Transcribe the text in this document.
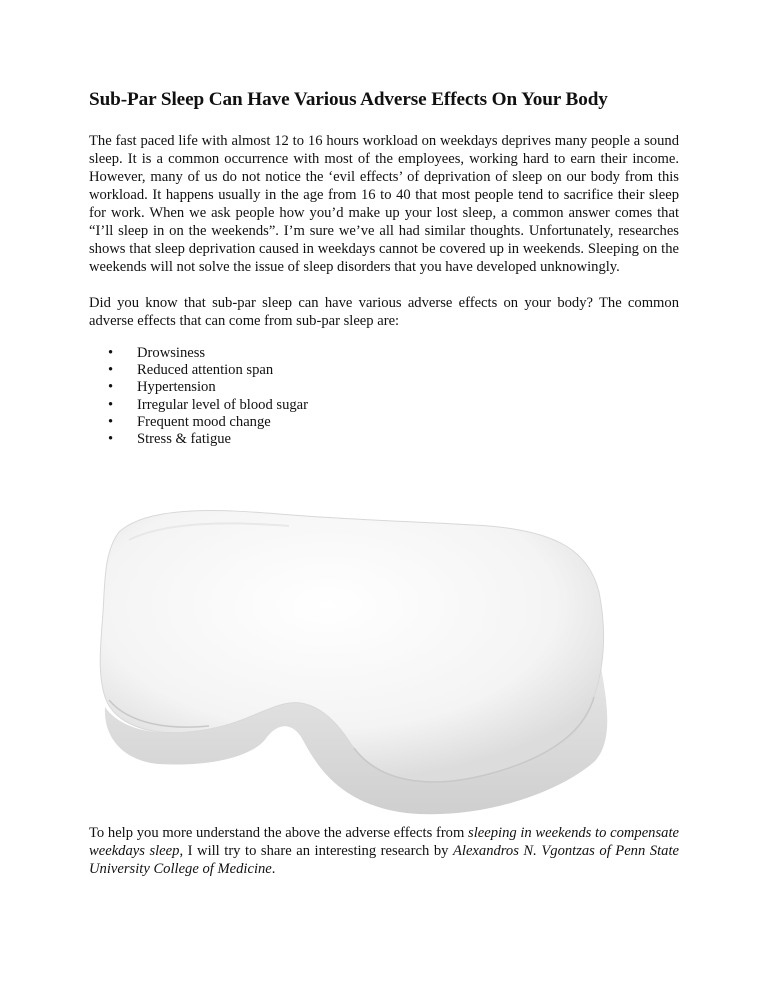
Sub-Par Sleep Can Have Various Adverse Effects On Your Body

The fast paced life with almost 12 to 16 hours workload on weekdays deprives many people a sound sleep. It is a common occurrence with most of the employees, working hard to earn their income. However, many of us do not notice the ‘evil effects’ of deprivation of sleep on our body from this workload. It happens usually in the age from 16 to 40 that most people tend to sacrifice their sleep for work. When we ask people how you’d make up your lost sleep, a common answer comes that “I’ll sleep in on the weekends”. I’m sure we’ve all had similar thoughts. Unfortunately, researches shows that sleep deprivation caused in weekdays cannot be covered up in weekends. Sleeping on the weekends will not solve the issue of sleep disorders that you have developed unknowingly.

Did you know that sub-par sleep can have various adverse effects on your body? The common adverse effects that can come from sub-par sleep are:

• Drowsiness
• Reduced attention span
• Hypertension
• Irregular level of blood sugar
• Frequent mood change
• Stress & fatigue

To help you more understand the above the adverse effects from sleeping in weekends to compensate weekdays sleep, I will try to share an interesting research by Alexandros N. Vgontzas of Penn State University College of Medicine.
